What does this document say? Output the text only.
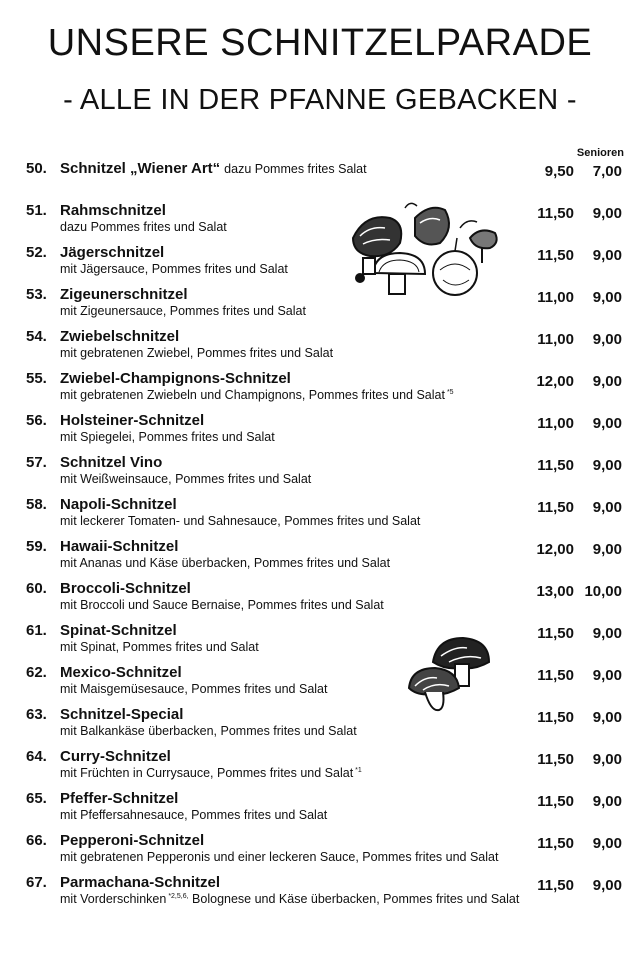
UNSERE SCHNITZELPARADE
- ALLE IN DER PFANNE GEBACKEN -
Senioren
50. Schnitzel „Wiener Art“ dazu Pommes frites Salat	9,50 7,00
51. Rahmschnitzel
dazu Pommes frites und Salat
11,50 9,00
52. Jägerschnitzel
mit Jägersauce, Pommes frites und Salat
11,50 9,00
53. Zigeunerschnitzel
mit Zigeunersauce, Pommes frites und Salat
11,00 9,00
54. Zwiebelschnitzel
mit gebratenen Zwiebel, Pommes frites und Salat
11,00 9,00
55. Zwiebel-Champignons-Schnitzel
mit gebratenen Zwiebeln und Champignons, Pommes frites und Salat $^{*5}$
12,00 9,00
56. Holsteiner-Schnitzel
mit Spiegelei, Pommes frites und Salat
11,00 9,00
57. Schnitzel Vino
mit Weißweinsauce, Pommes frites und Salat
11,50 9,00
58. Napoli-Schnitzel
mit leckerer Tomaten- und Sahnesauce, Pommes frites und Salat
11,50 9,00
59. Hawaii-Schnitzel
mit Ananas und Käse überbacken, Pommes frites und Salat
12,00 9,00
60. Broccoli-Schnitzel
mit Broccoli und Sauce Bernaise, Pommes frites und Salat
13,00 10,00
61. Spinat-Schnitzel
mit Spinat, Pommes frites und Salat
11,50 9,00
62. Mexico-Schnitzel
mit Maisgemüsesauce, Pommes frites und Salat
11,50 9,00
63. Schnitzel-Special
mit Balkankäse überbacken, Pommes frites und Salat
11,50 9,00
64. Curry-Schnitzel
mit Früchten in Currysauce, Pommes frites und Salat $^{*1}$
11,50 9,00
65. Pfeffer-Schnitzel
mit Pfeffersahnesauce, Pommes frites und Salat
11,50 9,00
66. Pepperoni-Schnitzel
mit gebratenen Pepperonis und einer leckeren Sauce, Pommes frites und Salat
11,50 9,00
67. Parmachana-Schnitzel
mit Vorderschinken $^{*2,5,6,}$ Bolognese und Käse überbacken, Pommes frites und Salat
11,50 9,00
